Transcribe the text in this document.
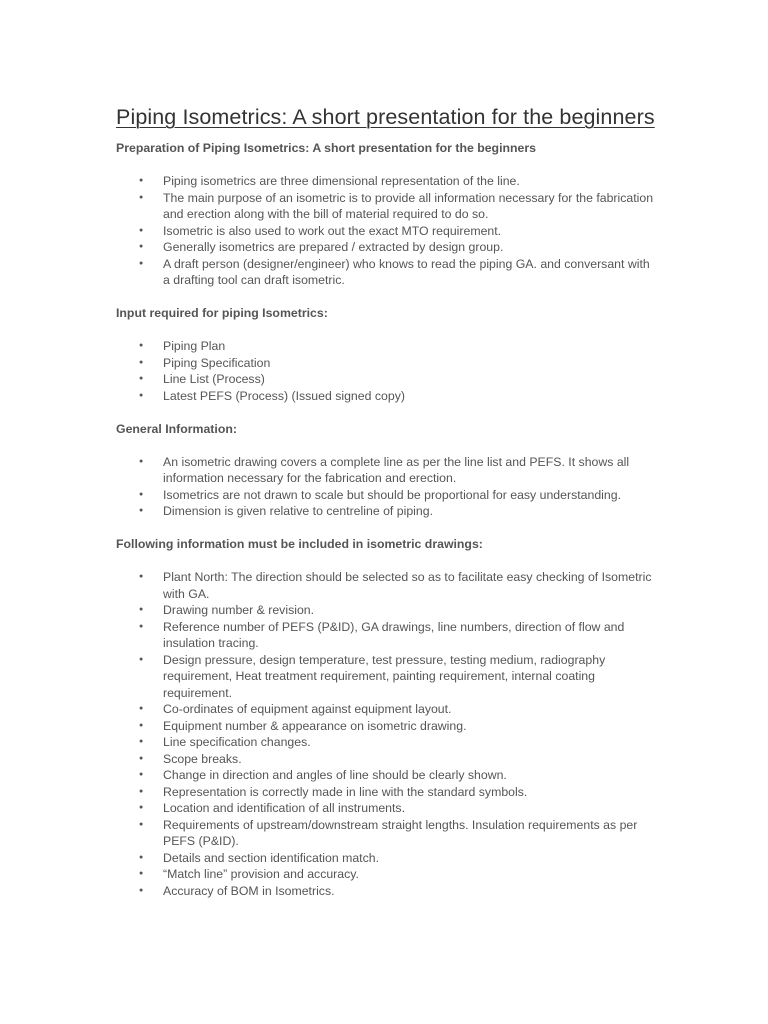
Piping Isometrics: A short presentation for the beginners

Preparation of Piping Isometrics: A short presentation for the beginners

● Piping isometrics are three dimensional representation of the line.
● The main purpose of an isometric is to provide all information necessary for the fabrication and erection along with the bill of material required to do so.
● Isometric is also used to work out the exact MTO requirement.
● Generally isometrics are prepared / extracted by design group.
● A draft person (designer/engineer) who knows to read the piping GA. and conversant with a drafting tool can draft isometric.

Input required for piping Isometrics:

● Piping Plan
● Piping Specification
● Line List (Process)
● Latest PEFS (Process) (Issued signed copy)

General Information:

● An isometric drawing covers a complete line as per the line list and PEFS. It shows all information necessary for the fabrication and erection.
● Isometrics are not drawn to scale but should be proportional for easy understanding.
● Dimension is given relative to centreline of piping.

Following information must be included in isometric drawings:

● Plant North: The direction should be selected so as to facilitate easy checking of Isometric with GA.
● Drawing number & revision.
● Reference number of PEFS (P&ID), GA drawings, line numbers, direction of flow and insulation tracing.
● Design pressure, design temperature, test pressure, testing medium, radiography requirement, Heat treatment requirement, painting requirement, internal coating requirement.
● Co-ordinates of equipment against equipment layout.
● Equipment number & appearance on isometric drawing.
● Line specification changes.
● Scope breaks.
● Change in direction and angles of line should be clearly shown.
● Representation is correctly made in line with the standard symbols.
● Location and identification of all instruments.
● Requirements of upstream/downstream straight lengths. Insulation requirements as per PEFS (P&ID).
● Details and section identification match.
● “Match line” provision and accuracy.
● Accuracy of BOM in Isometrics.
